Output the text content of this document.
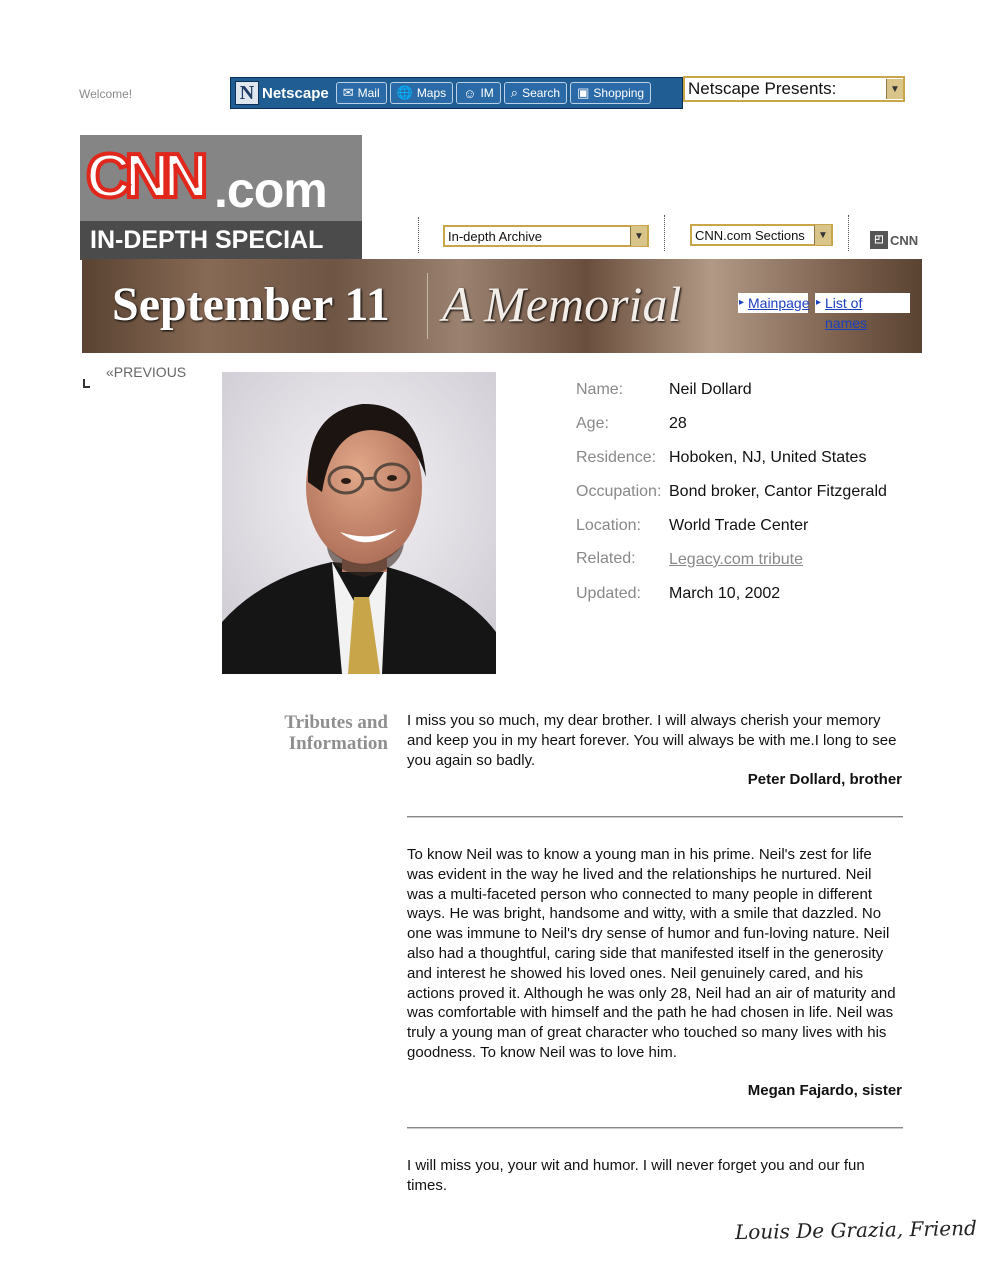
Welcome!	N Netscape ✉ Mail 🌐 Maps ☺ IM ⌕ Search ▣ Shopping	Netscape Presents:	▼
CNN .com
IN-DEPTH SPECIAL	In-depth Archive	▼	CNN.com Sections	▼	◰ CNN
September 11 A Memorial	▸ Mainpage	▸ List of names
«PREVIOUS
Name:	Neil Dollard
Age:	28
Residence: Hoboken, NJ, United States
Occupation: Bond broker, Cantor Fitzgerald
Location: World Trade Center
Related: Legacy.com tribute
Updated: March 10, 2002
Tributes and
Information
I miss you so much, my dear brother. I will always cherish your memory and keep you in my heart forever. You will always be with me.I long to see you again so badly.
Peter Dollard, brother
To know Neil was to know a young man in his prime. Neil's zest for life was evident in the way he lived and the relationships he nurtured. Neil was a multi-faceted person who connected to many people in different ways. He was bright, handsome and witty, with a smile that dazzled. No one was immune to Neil's dry sense of humor and fun-loving nature. Neil also had a thoughtful, caring side that manifested itself in the generosity and interest he showed his loved ones. Neil genuinely cared, and his actions proved it. Although he was only 28, Neil had an air of maturity and was comfortable with himself and the path he had chosen in life. Neil was truly a young man of great character who touched so many lives with his goodness. To know Neil was to love him.
Megan Fajardo, sister
I will miss you, your wit and humor. I will never forget you and our fun times.
Louis De Grazia, Friend
